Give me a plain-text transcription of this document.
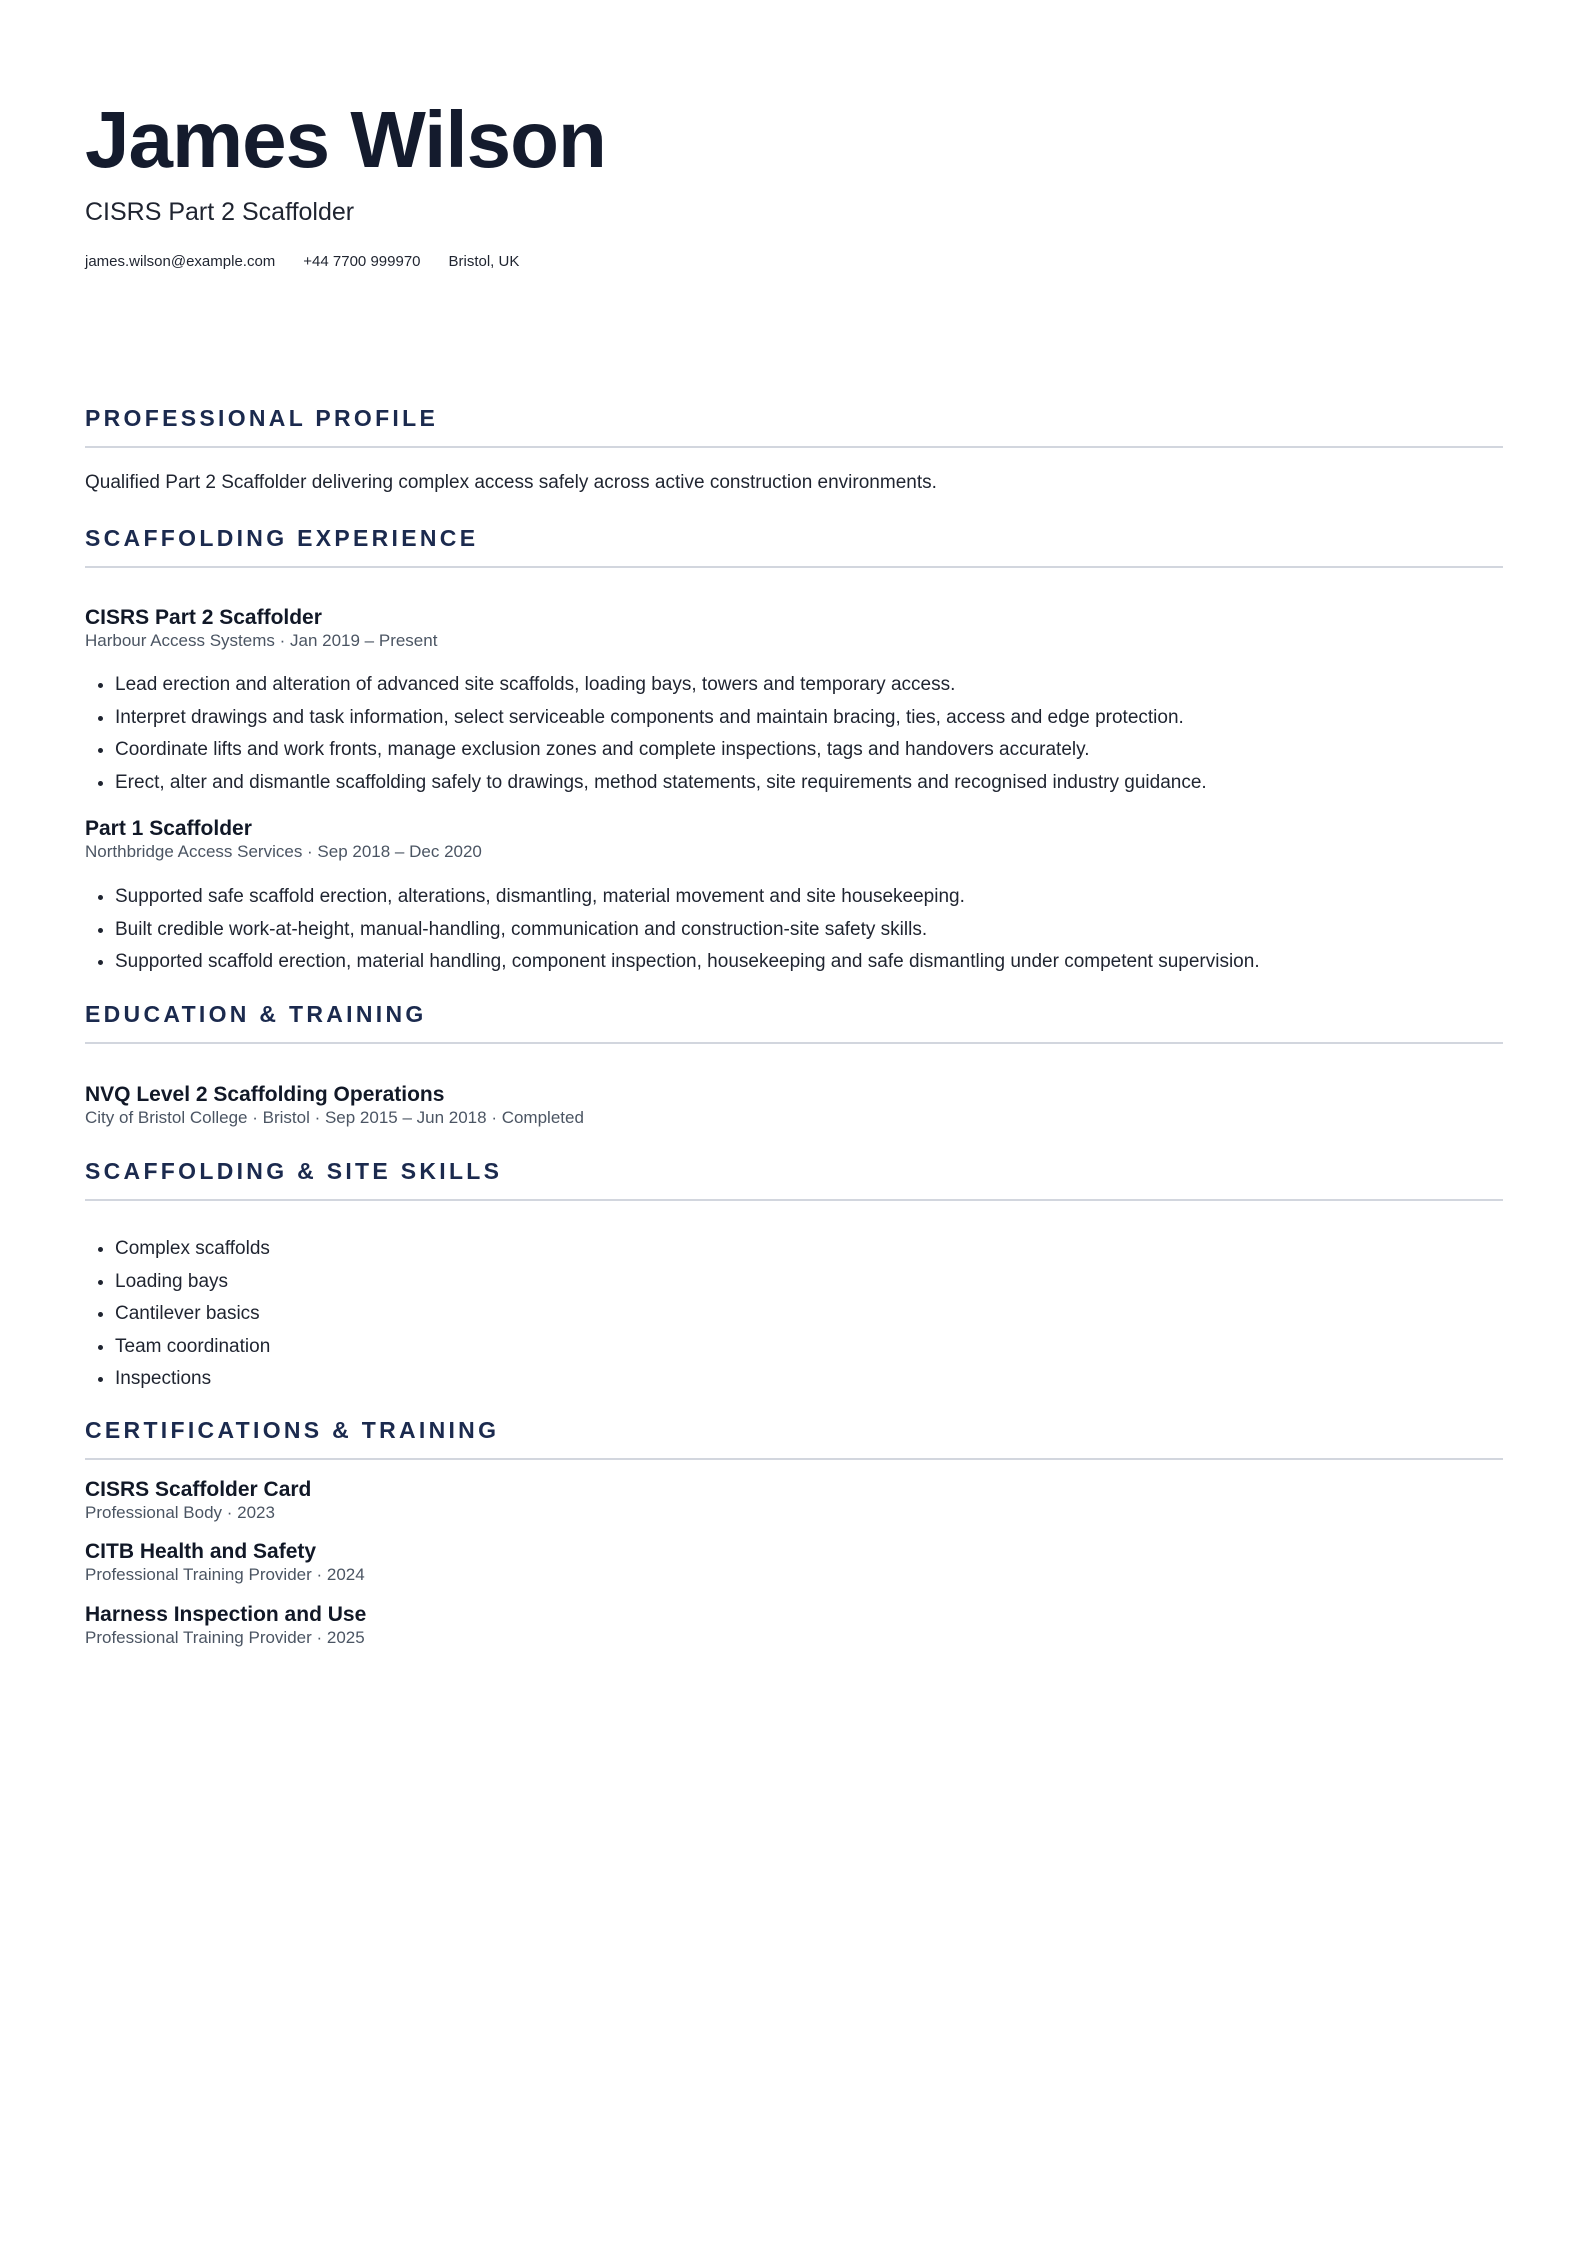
James Wilson
CISRS Part 2 Scaffolder
james.wilson@example.com +44 7700 999970 Bristol, UK
PROFESSIONAL PROFILE
Qualified Part 2 Scaffolder delivering complex access safely across active construction environments.
SCAFFOLDING EXPERIENCE
CISRS Part 2 Scaffolder
Harbour Access Systems · Jan 2019 – Present
• Lead erection and alteration of advanced site scaffolds, loading bays, towers and temporary access.
• Interpret drawings and task information, select serviceable components and maintain bracing, ties, access and edge protection.
• Coordinate lifts and work fronts, manage exclusion zones and complete inspections, tags and handovers accurately.
• Erect, alter and dismantle scaffolding safely to drawings, method statements, site requirements and recognised industry guidance.
Part 1 Scaffolder
Northbridge Access Services · Sep 2018 – Dec 2020
• Supported safe scaffold erection, alterations, dismantling, material movement and site housekeeping.
• Built credible work-at-height, manual-handling, communication and construction-site safety skills.
• Supported scaffold erection, material handling, component inspection, housekeeping and safe dismantling under competent supervision.
EDUCATION & TRAINING
NVQ Level 2 Scaffolding Operations
City of Bristol College · Bristol · Sep 2015 – Jun 2018 · Completed
SCAFFOLDING & SITE SKILLS
• Complex scaffolds
• Loading bays
• Cantilever basics
• Team coordination
• Inspections
CERTIFICATIONS & TRAINING
CISRS Scaffolder Card
Professional Body · 2023
CITB Health and Safety
Professional Training Provider · 2024
Harness Inspection and Use
Professional Training Provider · 2025
